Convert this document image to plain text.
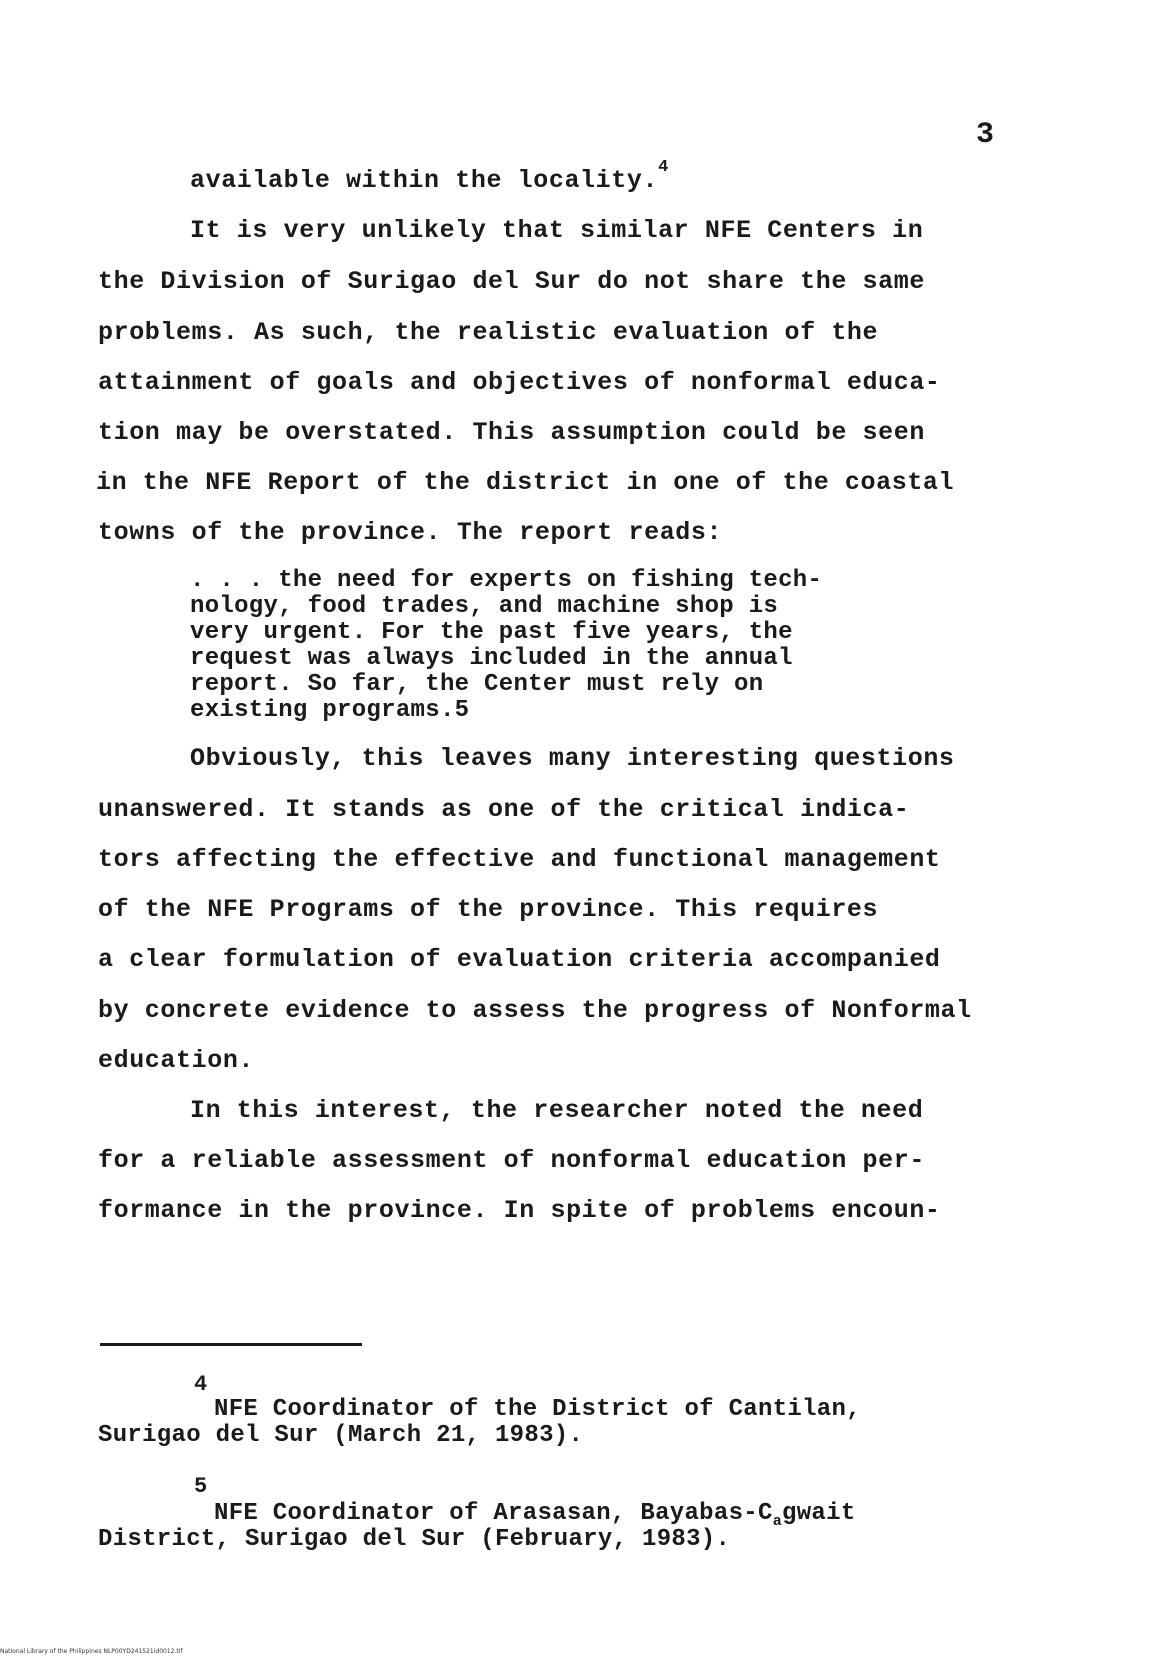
3
available within the locality.$^4$
It is very unlikely that similar NFE Centers in
the Division of Surigao del Sur do not share the same
problems. As such, the realistic evaluation of the
attainment of goals and objectives of nonformal educa-
tion may be overstated. This assumption could be seen
in the NFE Report of the district in one of the coastal
towns of the province. The report reads:
. . . the need for experts on fishing tech-
nology, food trades, and machine shop is
very urgent. For the past five years, the
request was always included in the annual
report. So far, the Center must rely on
existing programs.5
Obviously, this leaves many interesting questions
unanswered. It stands as one of the critical indica-
tors affecting the effective and functional management
of the NFE Programs of the province. This requires
a clear formulation of evaluation criteria accompanied
by concrete evidence to assess the progress of Nonformal
education.
In this interest, the researcher noted the need
for a reliable assessment of nonformal education per-
formance in the province. In spite of problems encoun-
4
NFE Coordinator of the District of Cantilan,
Surigao del Sur (March 21, 1983).
5
NFE Coordinator of Arasasan, Bayabas-$C_agwait$
District, Surigao del Sur (February, 1983).
National Library of the Philippines NLP00YD241521id0012.tif
